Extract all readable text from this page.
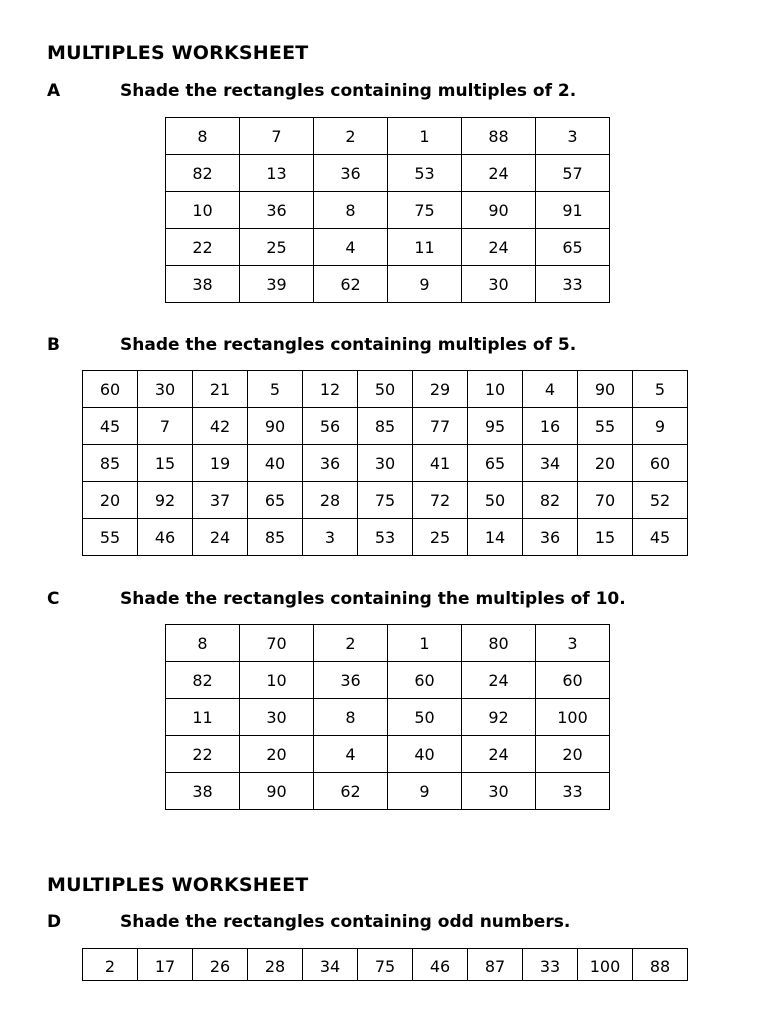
MULTIPLES WORKSHEET
A	Shade the rectangles containing multiples of 2.
8	7	2	1	88	3
82	13	36	53	24	57
10	36	8	75	90	91
22	25	4	11	24	65
38	39	62	9	30	33
B	Shade the rectangles containing multiples of 5.
60	30	21	5	12	50	29	10	4	90	5
45	7	42	90	56	85	77	95	16	55	9
85	15	19	40	36	30	41	65	34	20	60
20	92	37	65	28	75	72	50	82	70	52
55	46	24	85	3	53	25	14	36	15	45
C	Shade the rectangles containing the multiples of 10.
8	70	2	1	80	3
82	10	36	60	24	60
11	30	8	50	92	100
22	20	4	40	24	20
38	90	62	9	30	33
MULTIPLES WORKSHEET
D	Shade the rectangles containing odd numbers.
2	17	26	28	34	75	46	87	33	100	88
